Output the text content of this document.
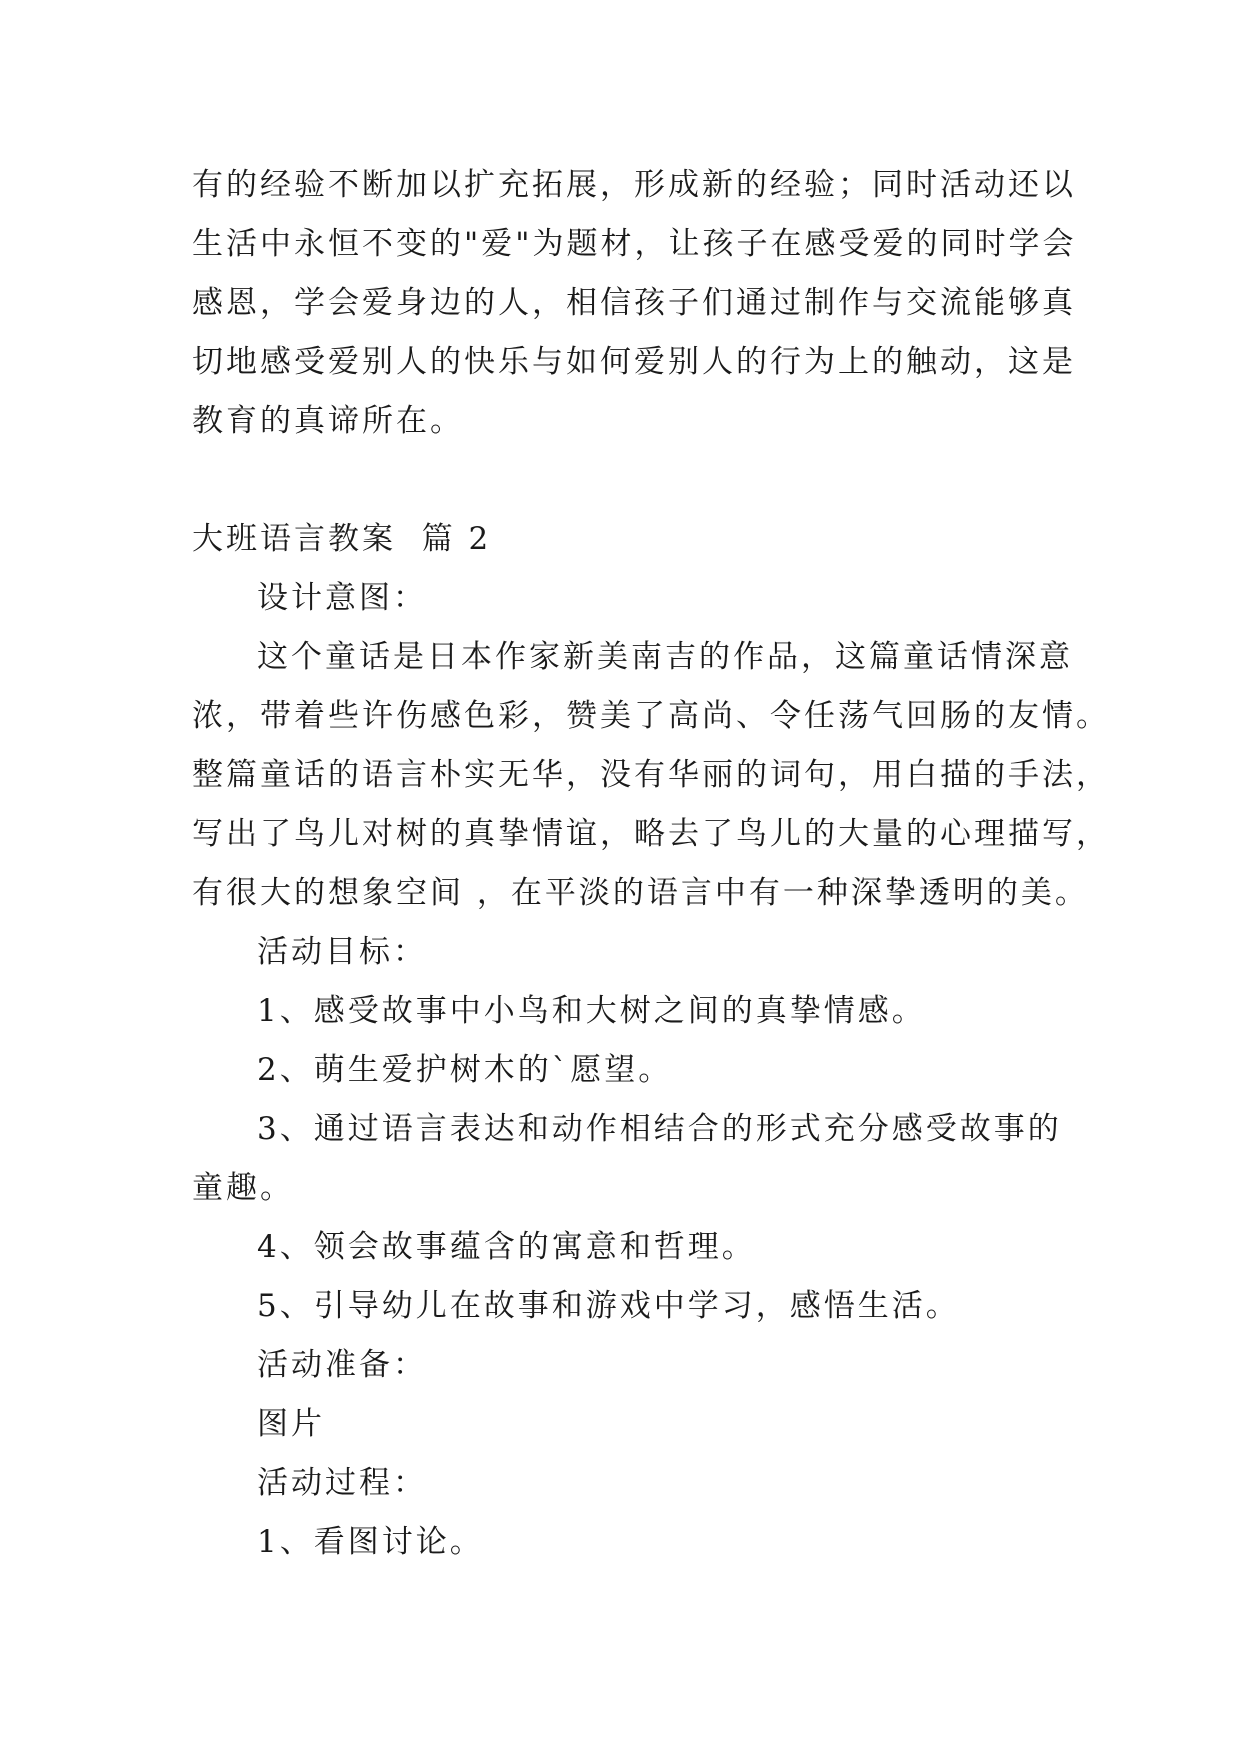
有的经验不断加以扩充拓展，形成新的经验；同时活动还以
生活中永恒不变的"爱"为题材，让孩子在感受爱的同时学会
感恩，学会爱身边的人，相信孩子们通过制作与交流能够真
切地感受爱别人的快乐与如何爱别人的行为上的触动，这是
教育的真谛所在。
大班语言教案  篇 2
设计意图：
这个童话是日本作家新美南吉的作品，这篇童话情深意
浓，带着些许伤感色彩，赞美了高尚、令任荡气回肠的友情。
整篇童话的语言朴实无华，没有华丽的词句，用白描的手法，
写出了鸟儿对树的真挚情谊，略去了鸟儿的大量的心理描写，
有很大的想象空间 ，在平淡的语言中有一种深挚透明的美。
活动目标：
1、感受故事中小鸟和大树之间的真挚情感。
2、萌生爱护树木的`愿望。
3、通过语言表达和动作相结合的形式充分感受故事的
童趣。
4、领会故事蕴含的寓意和哲理。
5、引导幼儿在故事和游戏中学习，感悟生活。
活动准备：
图片
活动过程：
1、看图讨论。
